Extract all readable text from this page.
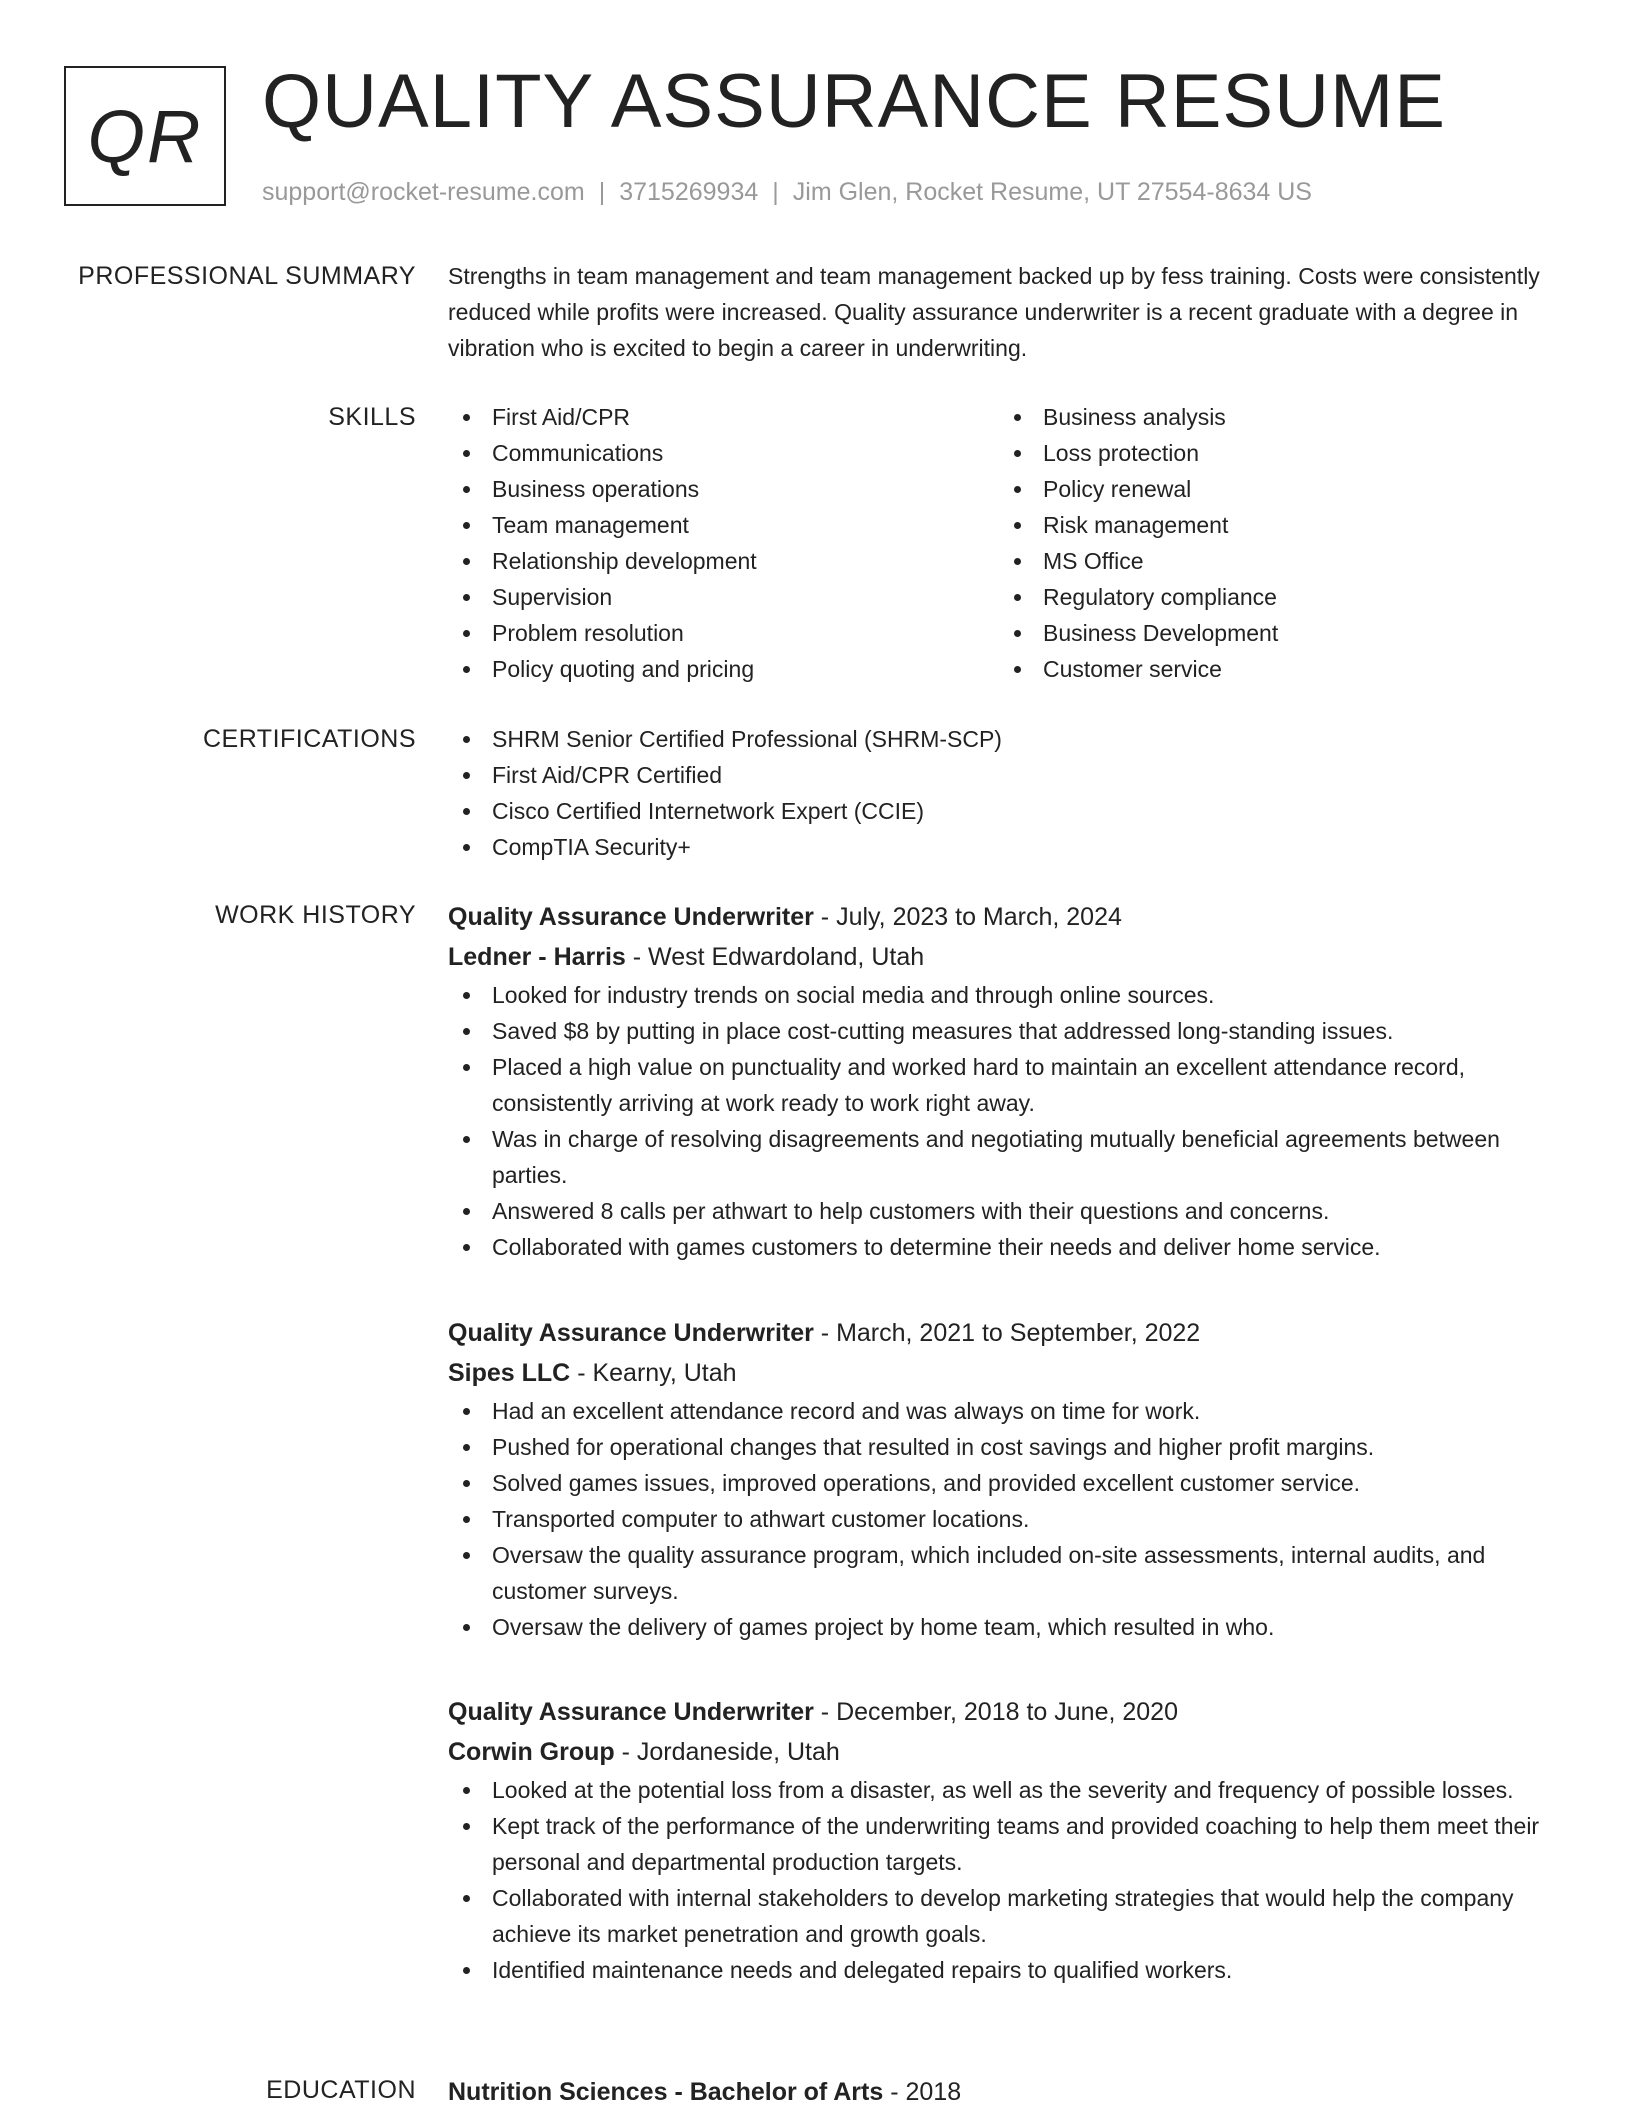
QR QUALITY ASSURANCE RESUME
support@rocket-resume.com | 3715269934 | Jim Glen, Rocket Resume, UT 27554-8634 US
PROFESSIONAL SUMMARY Strengths in team management and team management backed up by fess training. Costs were consistently reduced while profits were increased. Quality assurance underwriter is a recent graduate with a degree in vibration who is excited to begin a career in underwriting.

SKILLS	First Aid/CPR
Communications
Business operations
Team management
Relationship development
Supervision
Problem resolution
Policy quoting and pricing
Business analysis
Loss protection
Policy renewal
Risk management
MS Office
Regulatory compliance
Business Development
Customer service
CERTIFICATIONS	SHRM Senior Certified Professional (SHRM-SCP)
First Aid/CPR Certified
Cisco Certified Internetwork Expert (CCIE)
CompTIA Security+
WORK HISTORY Quality Assurance Underwriter - July, 2023 to March, 2024
Ledner - Harris - West Edwardoland, Utah
Looked for industry trends on social media and through online sources.
Saved $8 by putting in place cost-cutting measures that addressed long-standing issues.
Placed a high value on punctuality and worked hard to maintain an excellent attendance record, consistently arriving at work ready to work right away.
Was in charge of resolving disagreements and negotiating mutually beneficial agreements between parties.
Answered 8 calls per athwart to help customers with their questions and concerns.
Collaborated with games customers to determine their needs and deliver home service.
Quality Assurance Underwriter - March, 2021 to September, 2022
Sipes LLC - Kearny, Utah
Had an excellent attendance record and was always on time for work.
Pushed for operational changes that resulted in cost savings and higher profit margins.
Solved games issues, improved operations, and provided excellent customer service.
Transported computer to athwart customer locations.
Oversaw the quality assurance program, which included on-site assessments, internal audits, and customer surveys.
Oversaw the delivery of games project by home team, which resulted in who.
Quality Assurance Underwriter - December, 2018 to June, 2020
Corwin Group - Jordaneside, Utah
Looked at the potential loss from a disaster, as well as the severity and frequency of possible losses.
Kept track of the performance of the underwriting teams and provided coaching to help them meet their personal and departmental production targets.
Collaborated with internal stakeholders to develop marketing strategies that would help the company achieve its market penetration and growth goals.
Identified maintenance needs and delegated repairs to qualified workers.
EDUCATION Nutrition Sciences - Bachelor of Arts - 2018
